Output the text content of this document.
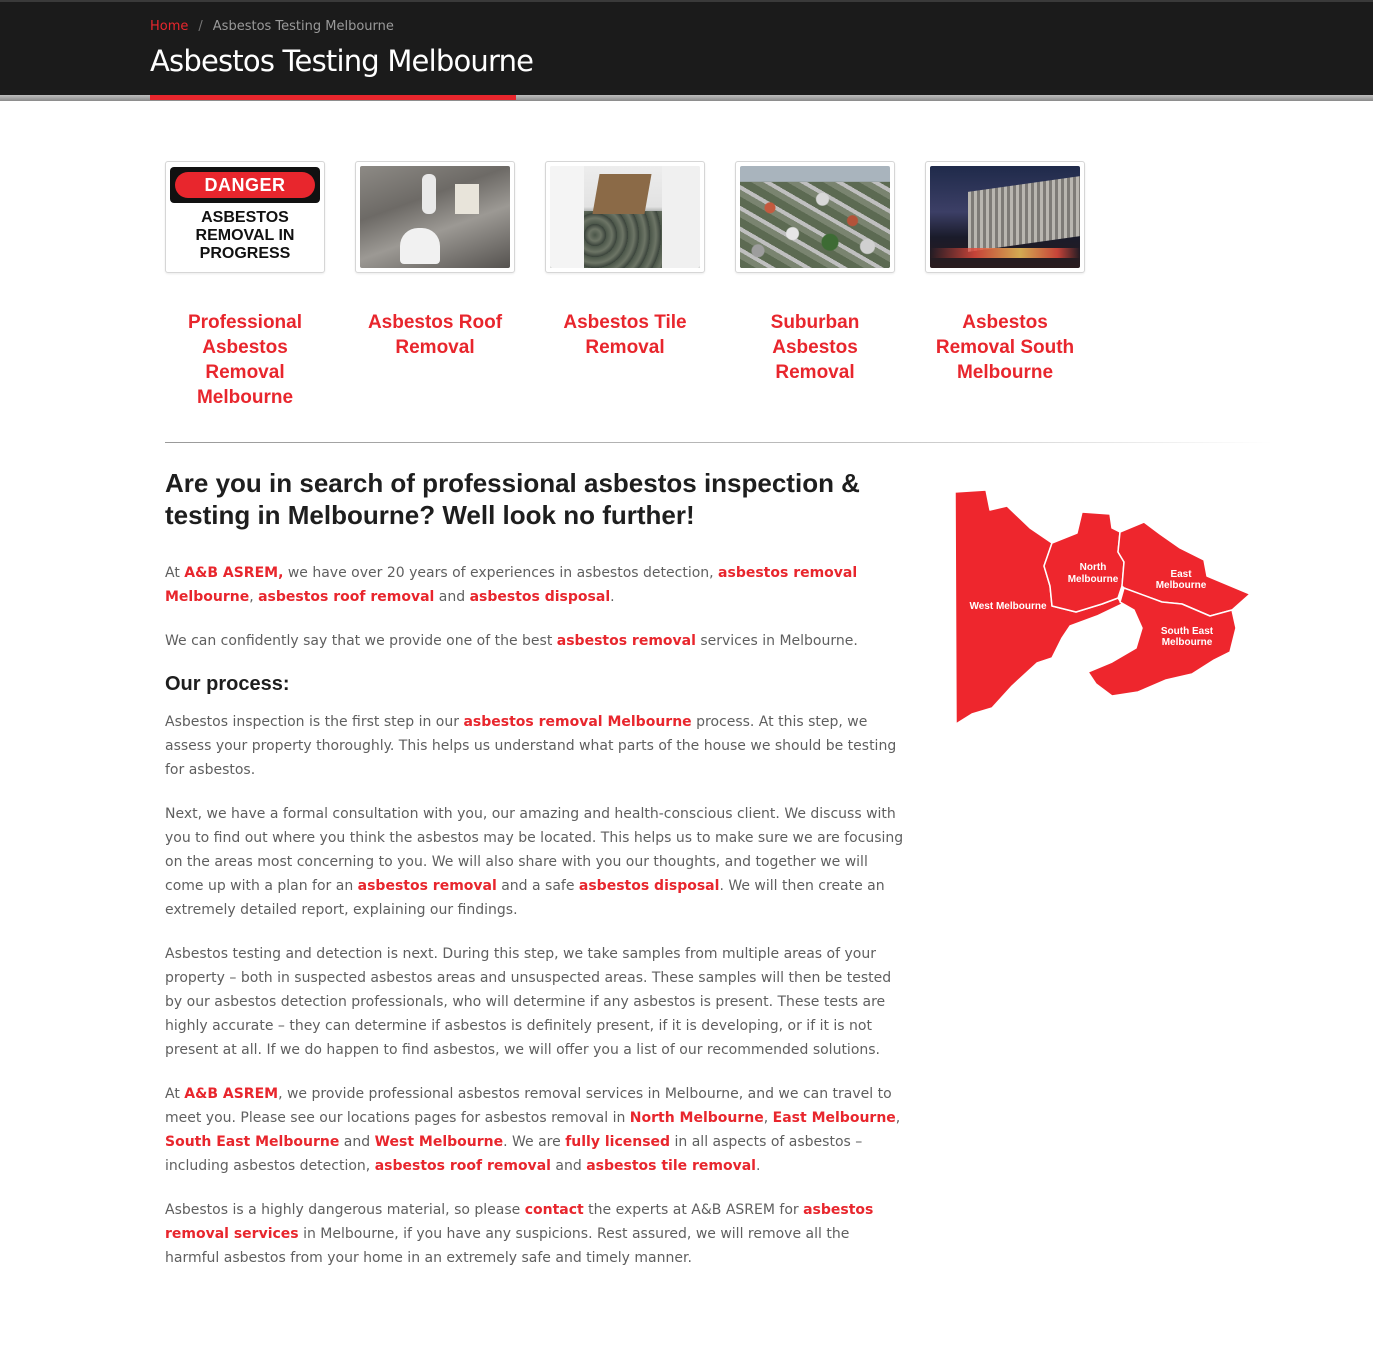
Home / Asbestos Testing Melbourne
Asbestos Testing Melbourne
DANGER
ASBESTOS REMOVAL IN PROGRESS
Professional Asbestos Removal Melbourne
Asbestos Roof Removal
Asbestos Tile Removal
Suburban Asbestos Removal
Asbestos Removal South Melbourne
Are you in search of professional asbestos inspection & testing in Melbourne? Well look no further!

At A&B ASREM, we have over 20 years of experiences in asbestos detection, asbestos removal Melbourne, asbestos roof removal and asbestos disposal.

We can confidently say that we provide one of the best asbestos removal services in Melbourne.

Our process:

Asbestos inspection is the first step in our asbestos removal Melbourne process. At this step, we assess your property thoroughly. This helps us understand what parts of the house we should be testing for asbestos.

Next, we have a formal consultation with you, our amazing and health-conscious client. We discuss with you to find out where you think the asbestos may be located. This helps us to make sure we are focusing on the areas most concerning to you. We will also share with you our thoughts, and together we will come up with a plan for an asbestos removal and a safe asbestos disposal. We will then create an extremely detailed report, explaining our findings.

Asbestos testing and detection is next. During this step, we take samples from multiple areas of your property – both in suspected asbestos areas and unsuspected areas. These samples will then be tested by our asbestos detection professionals, who will determine if any asbestos is present. These tests are highly accurate – they can determine if asbestos is definitely present, if it is developing, or if it is not present at all. If we do happen to find asbestos, we will offer you a list of our recommended solutions.

At A&B ASREM, we provide professional asbestos removal services in Melbourne, and we can travel to meet you. Please see our locations pages for asbestos removal in North Melbourne, East Melbourne, South East Melbourne and West Melbourne. We are fully licensed in all aspects of asbestos – including asbestos detection, asbestos roof removal and asbestos tile removal.

Asbestos is a highly dangerous material, so please contact the experts at A&B ASREM for asbestos removal services in Melbourne, if you have any suspicions. Rest assured, we will remove all the harmful asbestos from your home in an extremely safe and timely manner.

West Melbourne
North
Melbourne	East
Melbourne
South East
Melbourne
